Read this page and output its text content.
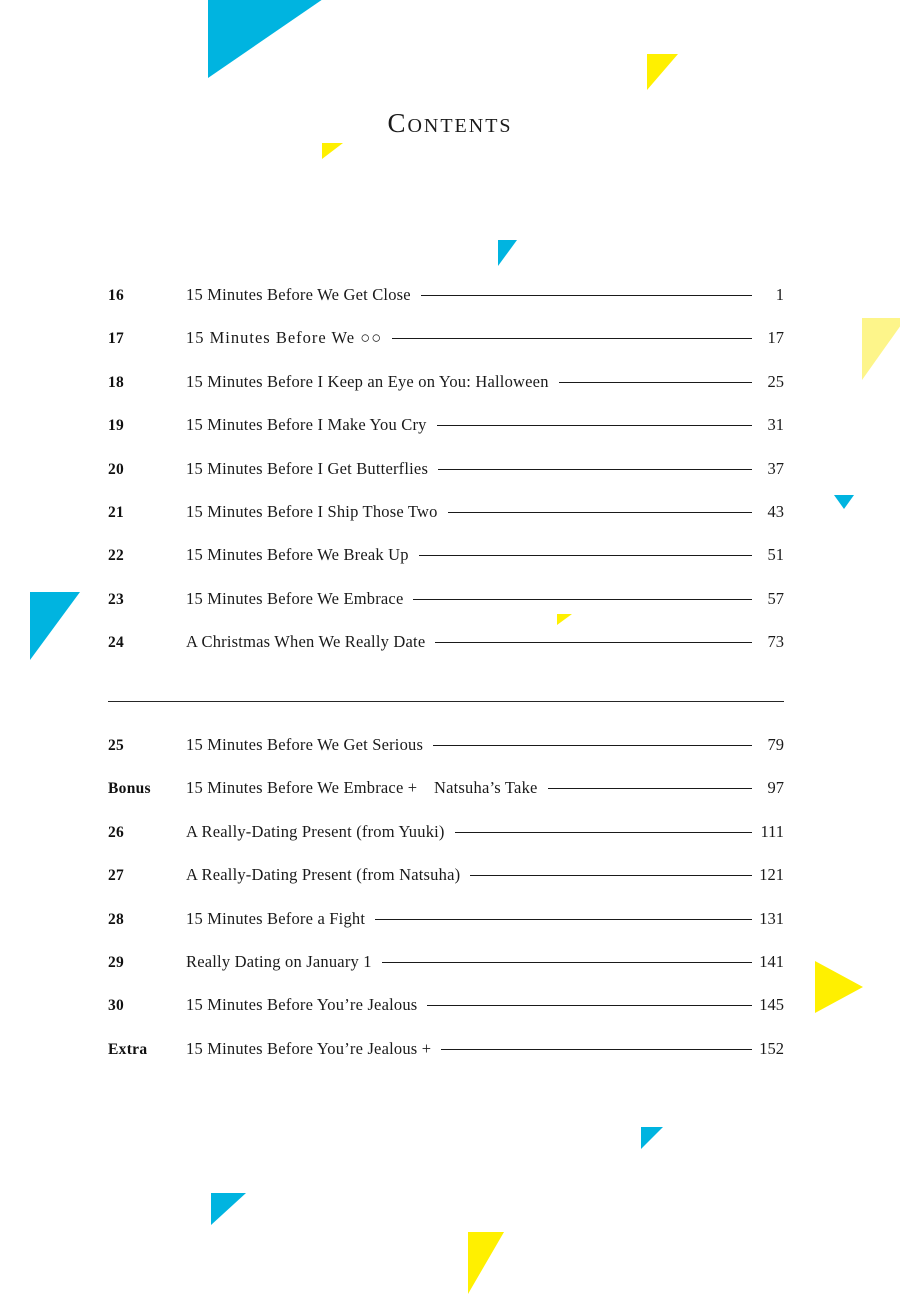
CONTENTS
16	15 Minutes Before We Get Close	1
17	15 Minutes Before We ○○	17
18	15 Minutes Before I Keep an Eye on You: Halloween	25
19	15 Minutes Before I Make You Cry	31
20	15 Minutes Before I Get Butterflies	37
21	15 Minutes Before I Ship Those Two	43
22	15 Minutes Before We Break Up	51
23	15 Minutes Before We Embrace	57
24	A Christmas When We Really Date	73
25	15 Minutes Before We Get Serious	79
Bonus	15 Minutes Before We Embrace + Natsuha’s Take	97
26	A Really-Dating Present (from Yuuki)	111
27	A Really-Dating Present (from Natsuha)	121
28	15 Minutes Before a Fight	131
29	Really Dating on January 1	141
30	15 Minutes Before You’re Jealous	145
Extra	15 Minutes Before You’re Jealous +	152
